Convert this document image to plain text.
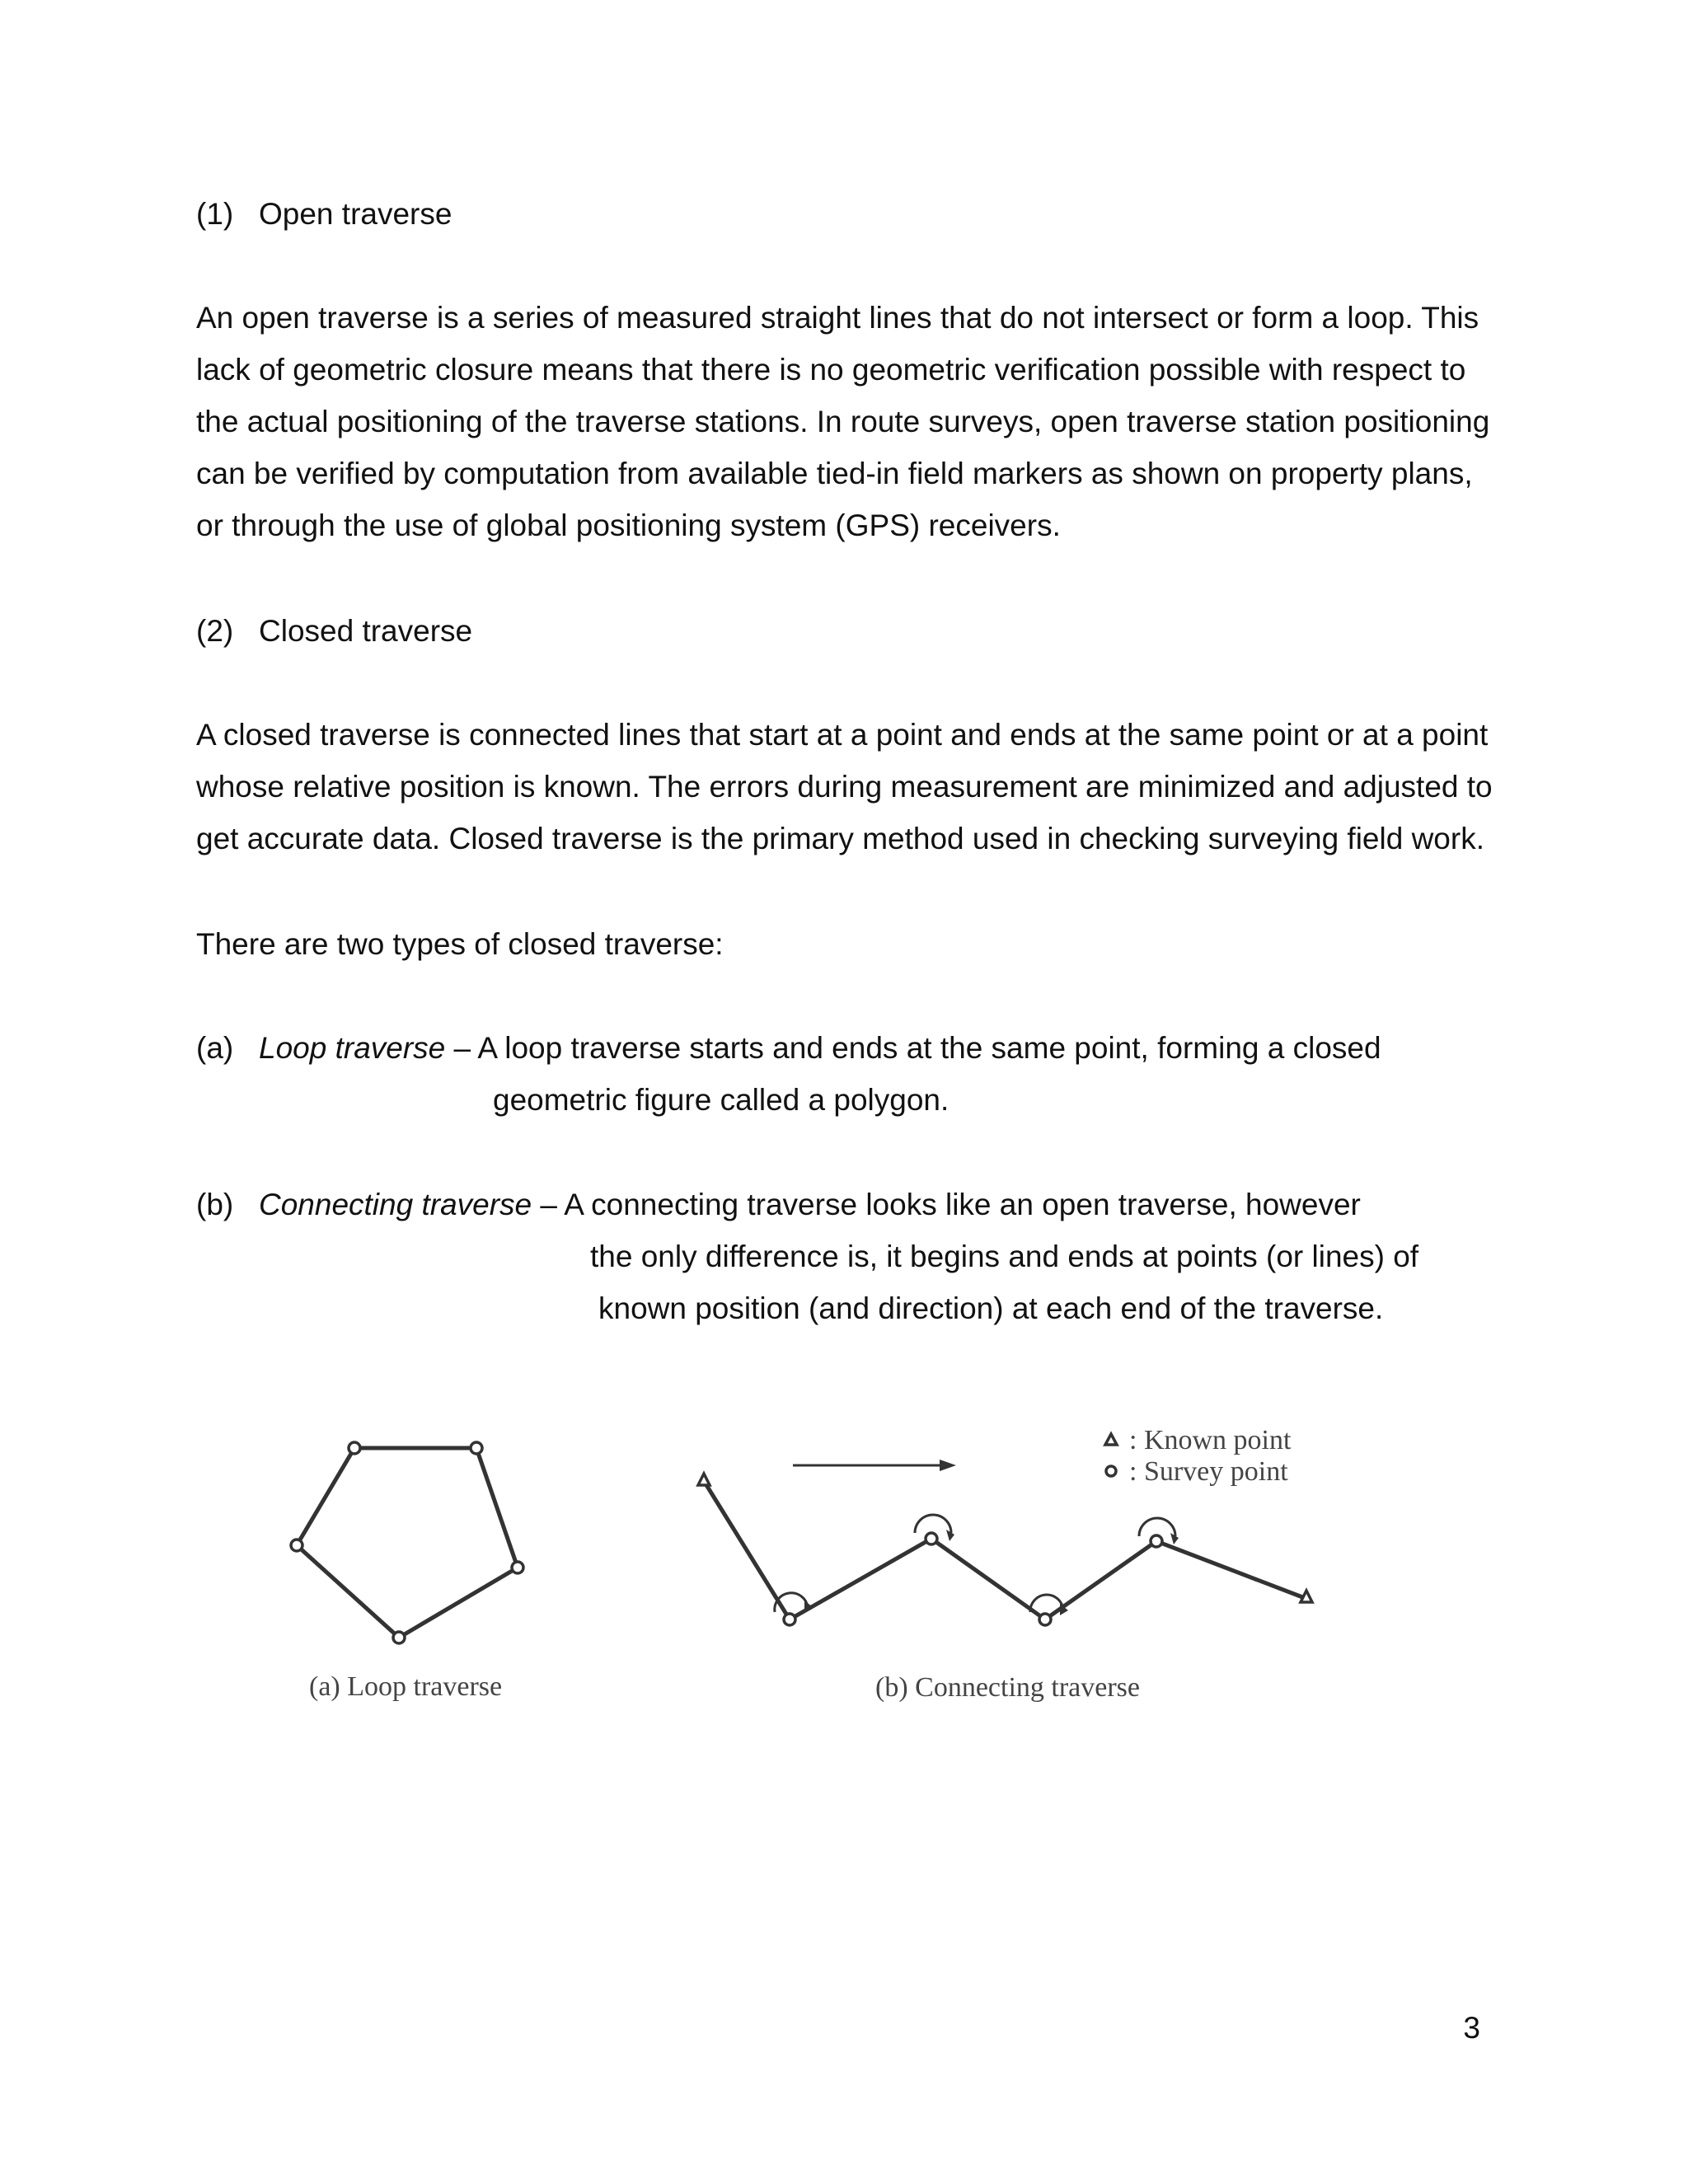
(1) Open traverse
An open traverse is a series of measured straight lines that do not intersect or form a loop. This
lack of geometric closure means that there is no geometric verification possible with respect to
the actual positioning of the traverse stations. In route surveys, open traverse station positioning
can be verified by computation from available tied-in field markers as shown on property plans,
or through the use of global positioning system (GPS) receivers.
(2) Closed traverse
A closed traverse is connected lines that start at a point and ends at the same point or at a point
whose relative position is known. The errors during measurement are minimized and adjusted to
get accurate data. Closed traverse is the primary method used in checking surveying field work.
There are two types of closed traverse:
(a) Loop traverse – A loop traverse starts and ends at the same point, forming a closed
geometric figure called a polygon.
(b) Connecting traverse – A connecting traverse looks like an open traverse, however
the only difference is, it begins and ends at points (or lines) of
known position (and direction) at each end of the traverse.
(a) Loop traverse
: Known point
: Survey point
(b) Connecting traverse
3
